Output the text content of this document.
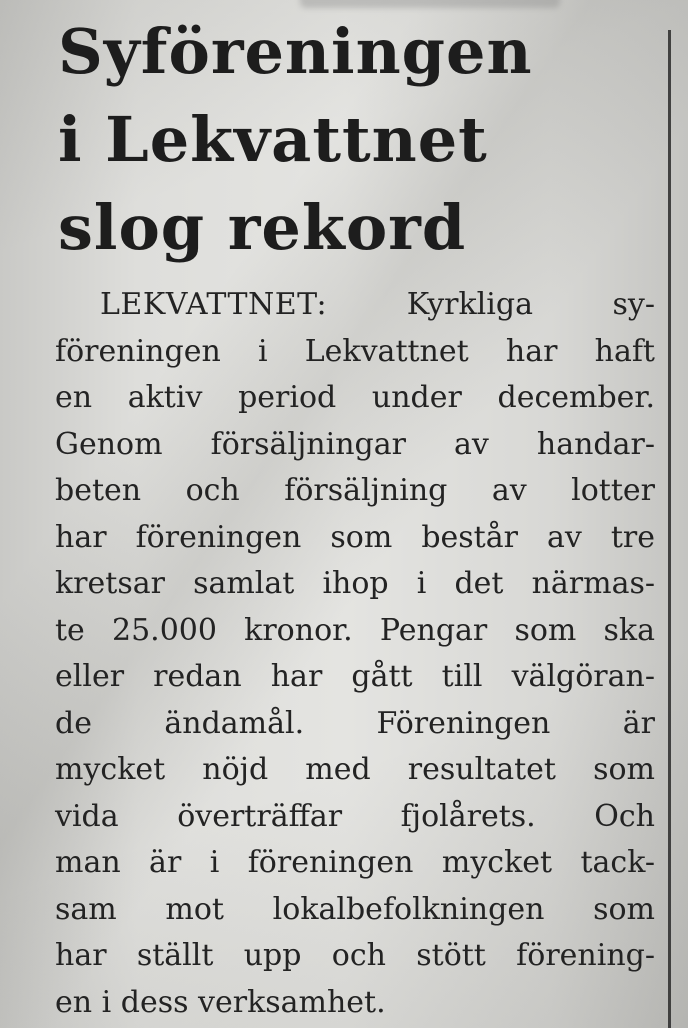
Syföreningen
i Lekvattnet
slog rekord
LEKVATTNET:	Kyrkliga sy-
föreningen i Lekvattnet har haft
en aktiv period under december.
Genom försäljningar av handar-
beten och försäljning av lotter
har föreningen som består av tre
kretsar samlat ihop i det närmas-
te 25.000 kronor. Pengar som ska
eller redan har gått till välgöran-
de ändamål. Föreningen är
mycket nöjd med resultatet som
vida överträffar fjolårets. Och
man är i föreningen mycket tack-
sam mot lokalbefolkningen som
har ställt upp och stött förening-
en i dess verksamhet.
